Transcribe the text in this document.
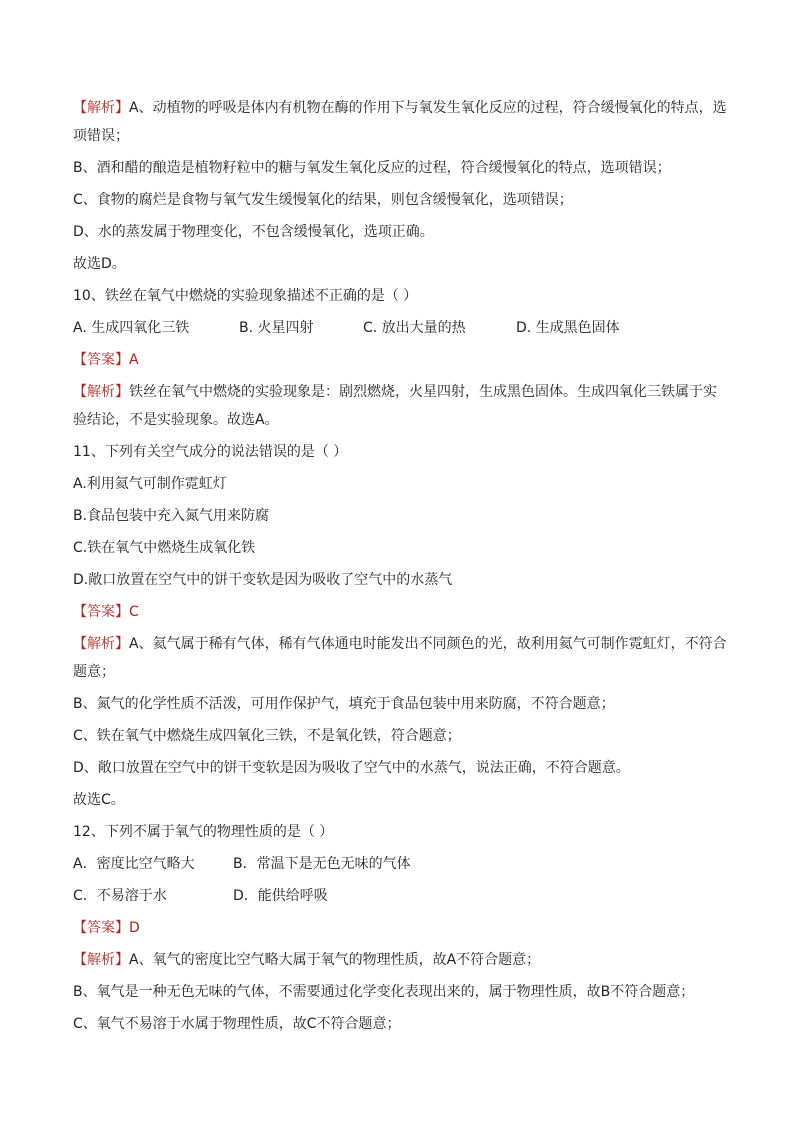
【解析】A、动植物的呼吸是体内有机物在酶的作用下与氧发生氧化反应的过程，符合缓慢氧化的特点，选

项错误；

B、酒和醋的酿造是植物籽粒中的糖与氧发生氧化反应的过程，符合缓慢氧化的特点，选项错误；

C、食物的腐烂是食物与氧气发生缓慢氧化的结果，则包含缓慢氧化，选项错误；

D、水的蒸发属于物理变化，不包含缓慢氧化，选项正确。

故选D。

10、铁丝在氧气中燃烧的实验现象描述不正确的是（ ）

A. 生成四氧化三铁	B. 火星四射	C. 放出大量的热	D. 生成黑色固体

【答案】A

【解析】铁丝在氧气中燃烧的实验现象是：剧烈燃烧，火星四射，生成黑色固体。生成四氧化三铁属于实

验结论，不是实验现象。故选A。

11、下列有关空气成分的说法错误的是（ ）

A.利用氦气可制作霓虹灯

B.食品包装中充入氮气用来防腐

C.铁在氧气中燃烧生成氧化铁

D.敞口放置在空气中的饼干变软是因为吸收了空气中的水蒸气

【答案】C

【解析】A、氦气属于稀有气体，稀有气体通电时能发出不同颜色的光，故利用氦气可制作霓虹灯，不符合

题意；

B、氮气的化学性质不活泼，可用作保护气，填充于食品包装中用来防腐，不符合题意；

C、铁在氧气中燃烧生成四氧化三铁，不是氧化铁，符合题意；

D、敞口放置在空气中的饼干变软是因为吸收了空气中的水蒸气，说法正确，不符合题意。

故选C。

12、下列不属于氧气的物理性质的是（ ）

A．密度比空气略大	B．常温下是无色无味的气体

C．不易溶于水	D．能供给呼吸

【答案】D

【解析】A、氧气的密度比空气略大属于氧气的物理性质，故A不符合题意；

B、氧气是一种无色无味的气体，不需要通过化学变化表现出来的，属于物理性质，故B不符合题意；

C、氧气不易溶于水属于物理性质，故C不符合题意；
